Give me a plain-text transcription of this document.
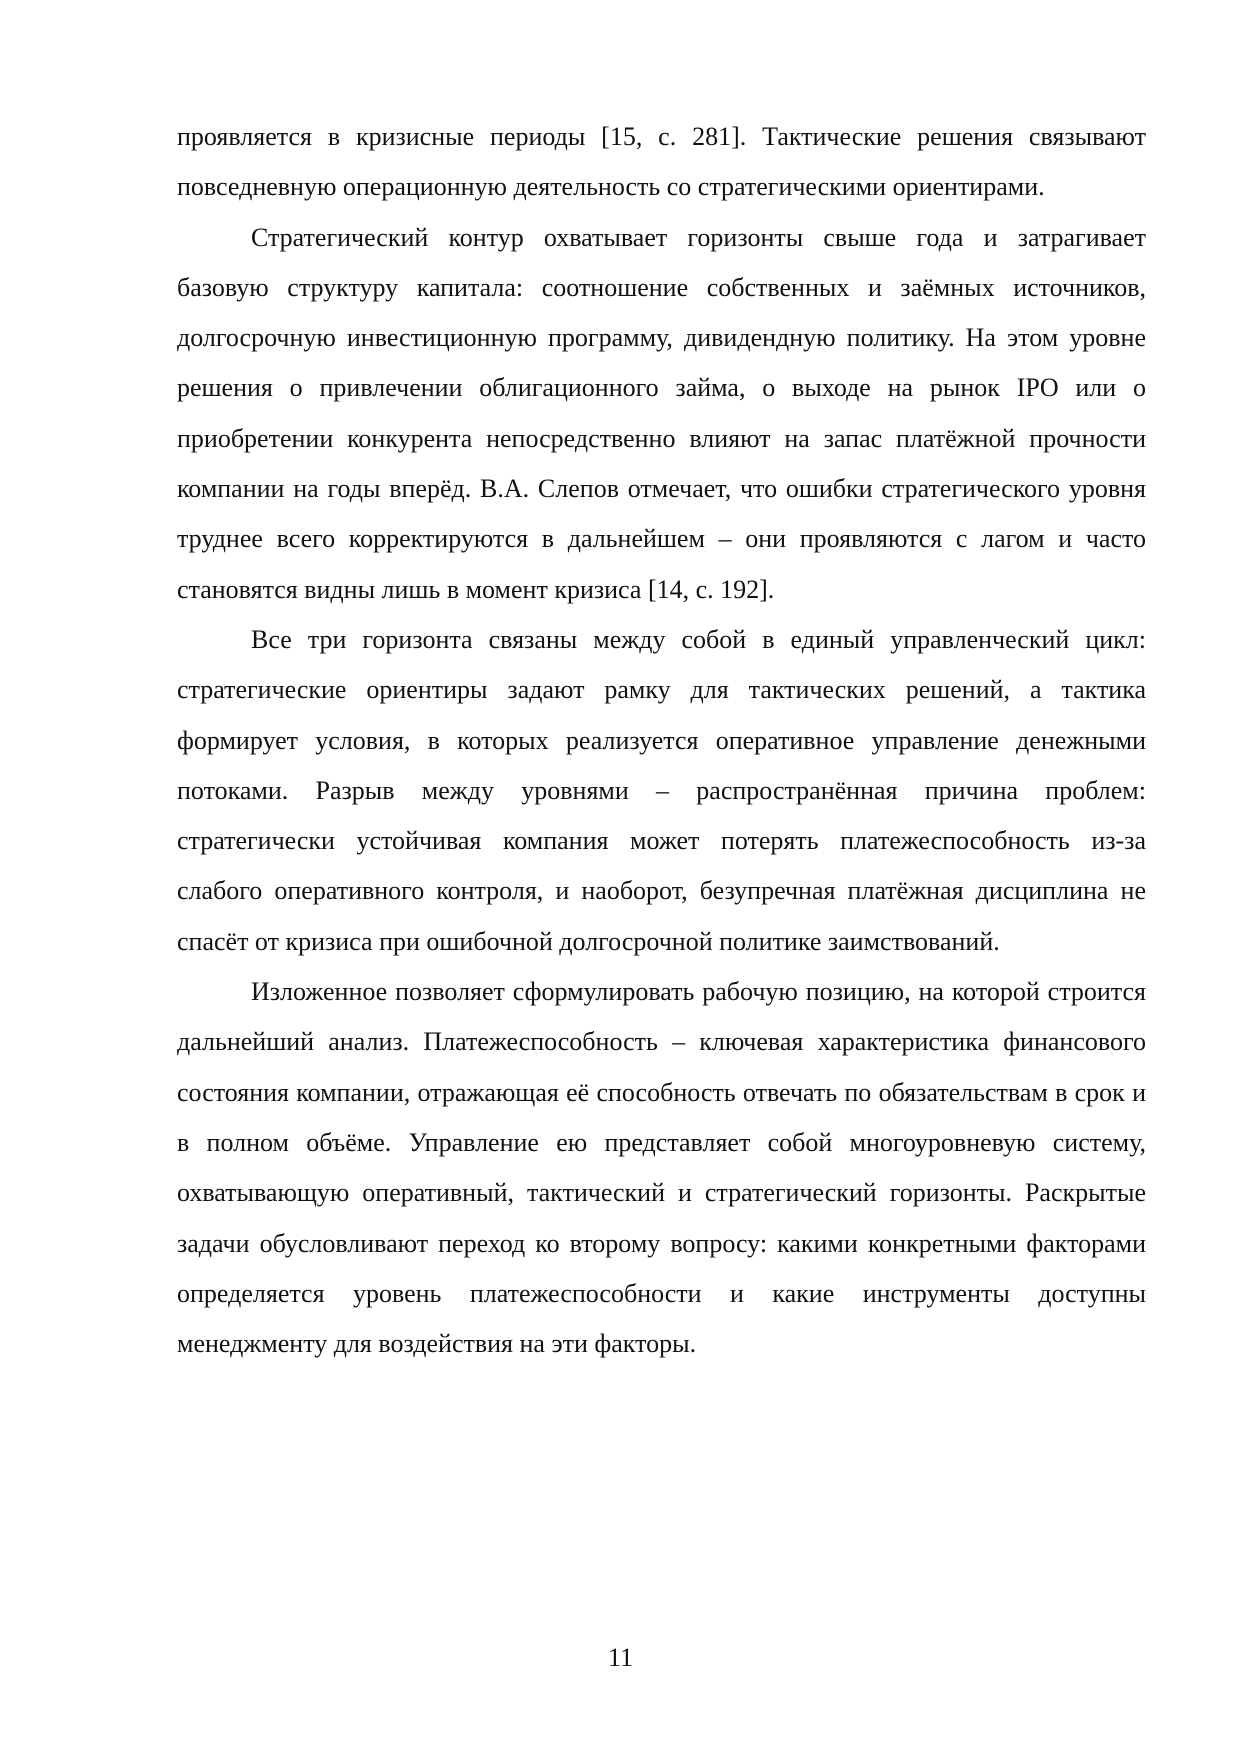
проявляется в кризисные периоды [15, с. 281]. Тактические решения связывают повседневную операционную деятельность со стратегическими ориентирами.

Стратегический контур охватывает горизонты свыше года и затрагивает базовую структуру капитала: соотношение собственных и заёмных источников, долгосрочную инвестиционную программу, дивидендную политику. На этом уровне решения о привлечении облигационного займа, о выходе на рынок IPO или о приобретении конкурента непосредственно влияют на запас платёжной прочности компании на годы вперёд. В.А. Слепов отмечает, что ошибки стратегического уровня труднее всего корректируются в дальнейшем – они проявляются с лагом и часто становятся видны лишь в момент кризиса [14, с. 192].

Все три горизонта связаны между собой в единый управленческий цикл: стратегические ориентиры задают рамку для тактических решений, а тактика формирует условия, в которых реализуется оперативное управление денежными потоками. Разрыв между уровнями – распространённая причина проблем: стратегически устойчивая компания может потерять платежеспособность из-за слабого оперативного контроля, и наоборот, безупречная платёжная дисциплина не спасёт от кризиса при ошибочной долгосрочной политике заимствований.

Изложенное позволяет сформулировать рабочую позицию, на которой строится дальнейший анализ. Платежеспособность – ключевая характеристика финансового состояния компании, отражающая её способность отвечать по обязательствам в срок и в полном объёме. Управление ею представляет собой многоуровневую систему, охватывающую оперативный, тактический и стратегический горизонты. Раскрытые задачи обусловливают переход ко второму вопросу: какими конкретными факторами определяется уровень платежеспособности и какие инструменты доступны менеджменту для воздействия на эти факторы.

11
